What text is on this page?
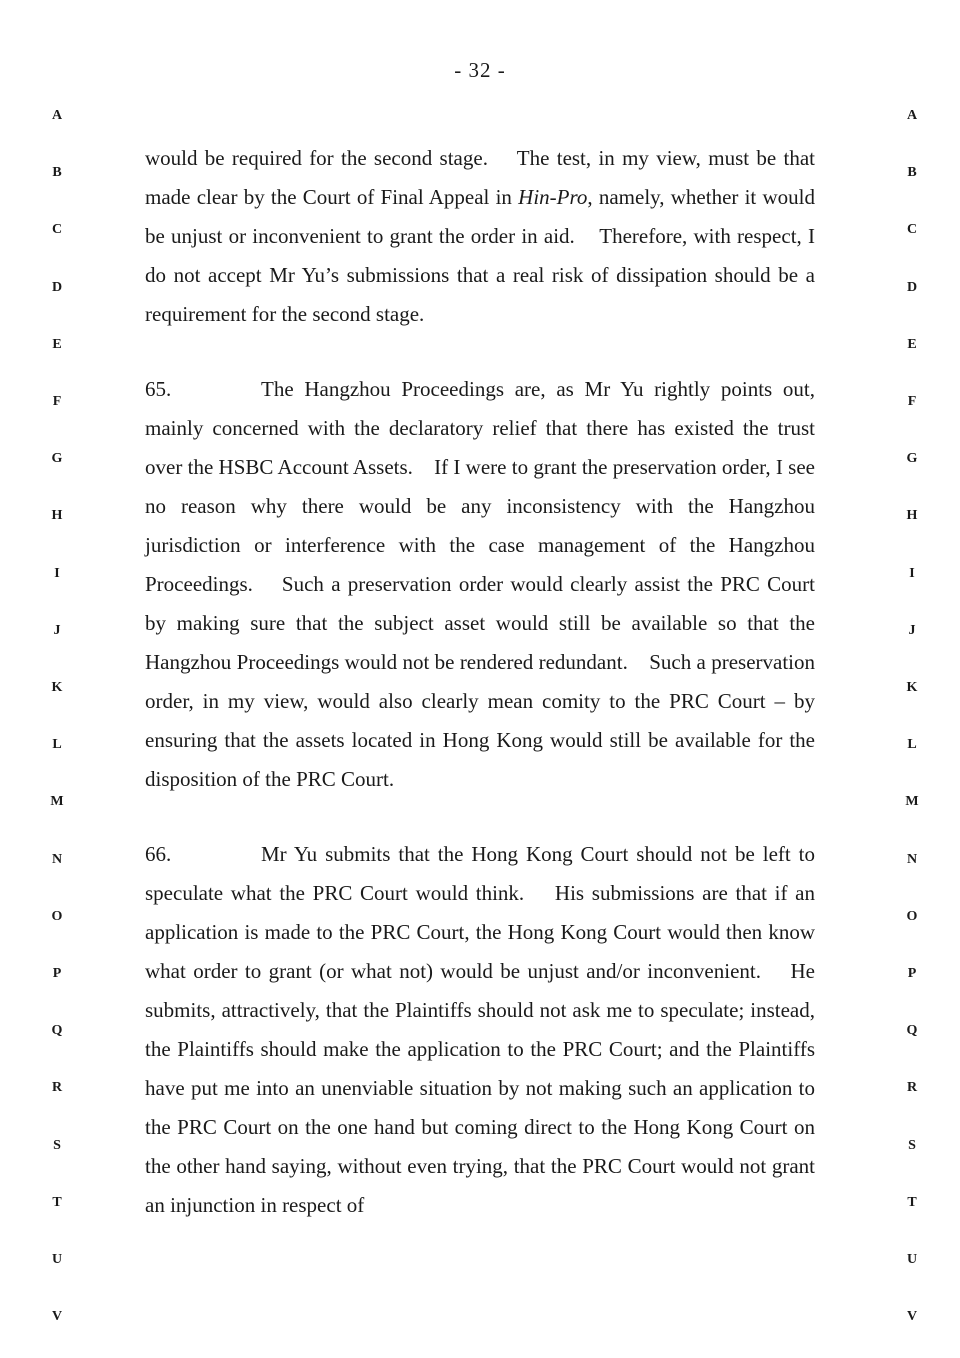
- 32 -
A
B
C
D
E
F
G
H
I
J
K
L
M
N
O
P
Q
R
S
T
U
V
A
B
C
D
E
F
G
H
I
J
K
L
M
N
O
P
Q
R
S
T
U
V

would be required for the second stage.    The test, in my view, must be that made clear by the Court of Final Appeal in Hin-Pro, namely, whether it would be unjust or inconvenient to grant the order in aid.    Therefore, with respect, I do not accept Mr Yu’s submissions that a real risk of dissipation should be a requirement for the second stage.

65.	The Hangzhou Proceedings are, as Mr Yu rightly points out, mainly concerned with the declaratory relief that there has existed the trust over the HSBC Account Assets.    If I were to grant the preservation order, I see no reason why there would be any inconsistency with the Hangzhou jurisdiction or interference with the case management of the Hangzhou Proceedings.    Such a preservation order would clearly assist the PRC Court by making sure that the subject asset would still be available so that the Hangzhou Proceedings would not be rendered redundant.    Such a preservation order, in my view, would also clearly mean comity to the PRC Court – by ensuring that the assets located in Hong Kong would still be available for the disposition of the PRC Court.

66.	Mr Yu submits that the Hong Kong Court should not be left to speculate what the PRC Court would think.    His submissions are that if an application is made to the PRC Court, the Hong Kong Court would then know what order to grant (or what not) would be unjust and/or inconvenient.    He submits, attractively, that the Plaintiffs should not ask me to speculate; instead, the Plaintiffs should make the application to the PRC Court; and the Plaintiffs have put me into an unenviable situation by not making such an application to the PRC Court on the one hand but coming direct to the Hong Kong Court on the other hand saying, without even trying, that the PRC Court would not grant an injunction in respect of
